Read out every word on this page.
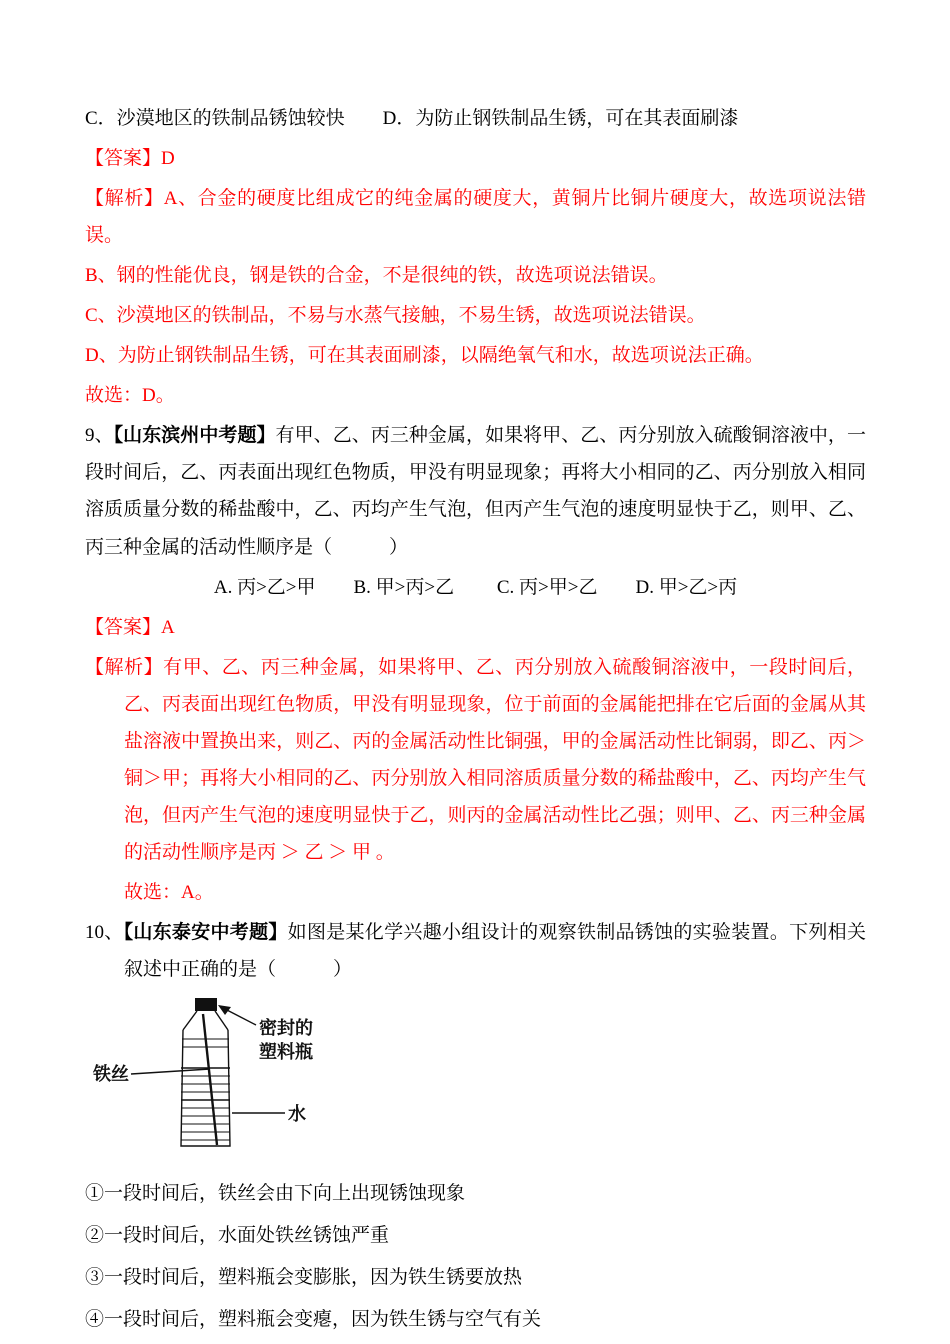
C．沙漠地区的铁制品锈蚀较快　　D．为防止钢铁制品生锈，可在其表面刷漆

【答案】D

【解析】A、合金的硬度比组成它的纯金属的硬度大，黄铜片比铜片硬度大，故选项说法错误。

B、钢的性能优良，钢是铁的合金，不是很纯的铁，故选项说法错误。

C、沙漠地区的铁制品，不易与水蒸气接触，不易生锈，故选项说法错误。

D、为防止钢铁制品生锈，可在其表面刷漆，以隔绝氧气和水，故选项说法正确。

故选：D。

9、【山东滨州中考题】有甲、乙、丙三种金属，如果将甲、乙、丙分别放入硫酸铜溶液中，一段时间后，乙、丙表面出现红色物质，甲没有明显现象；再将大小相同的乙、丙分别放入相同溶质质量分数的稀盐酸中，乙、丙均产生气泡，但丙产生气泡的速度明显快于乙，则甲、乙、丙三种金属的活动性顺序是（　　　）

A. 丙>乙>甲　　B. 甲>丙>乙　　 C. 丙>甲>乙　　D. 甲>乙>丙

【答案】A

【解析】有甲、乙、丙三种金属，如果将甲、乙、丙分别放入硫酸铜溶液中，一段时间后，乙、丙表面出现红色物质，甲没有明显现象，位于前面的金属能把排在它后面的金属从其盐溶液中置换出来，则乙、丙的金属活动性比铜强，甲的金属活动性比铜弱，即乙、丙＞铜＞甲；再将大小相同的乙、丙分别放入相同溶质质量分数的稀盐酸中，乙、丙均产生气泡，但丙产生气泡的速度明显快于乙，则丙的金属活动性比乙强；则甲、乙、丙三种金属的活动性顺序是丙 ＞ 乙 ＞ 甲 。

故选：A。

10、【山东泰安中考题】如图是某化学兴趣小组设计的观察铁制品锈蚀的实验装置。下列相关叙述中正确的是（　　　）

密封的
塑料瓶
铁丝
水

①一段时间后，铁丝会由下向上出现锈蚀现象

②一段时间后，水面处铁丝锈蚀严重

③一段时间后，塑料瓶会变膨胀，因为铁生锈要放热

④一段时间后，塑料瓶会变瘪，因为铁生锈与空气有关
